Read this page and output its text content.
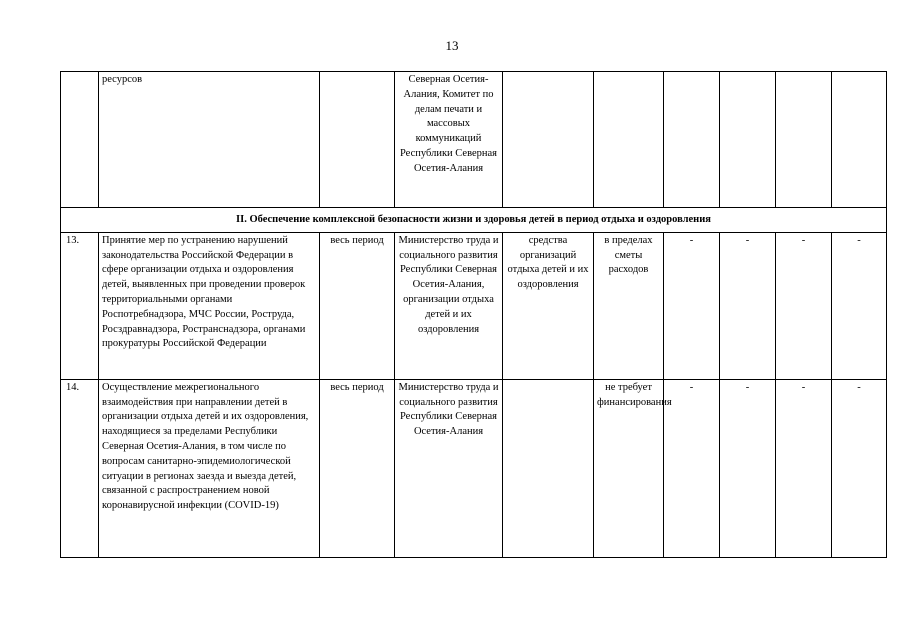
13
	ресурсов		Северная Осетия-Алания, Комитет по делам печати и массовых коммуникаций Республики Северная Осетия-Алания						
II. Обеспечение комплексной безопасности жизни и здоровья детей в период отдыха и оздоровления									
13.	Принятие мер по устранению нарушений законодательства Российской Федерации в сфере организации отдыха и оздоровления детей, выявленных при проведении проверок территориальными органами Роспотребнадзора, МЧС России, Роструда, Росздравнадзора, Ространснадзора, органами прокуратуры Российской Федерации	весь период	Министерство труда и социального развития Республики Северная Осетия-Алания, организации отдыха детей и их оздоровления	средства организаций отдыха детей и их оздоровления	в пределах сметы расходов	-	-	-	-
14.	Осуществление межрегионального взаимодействия при направлении детей в организации отдыха детей и их оздоровления, находящиеся за пределами Республики Северная Осетия-Алания, в том числе по вопросам санитарно-эпидемиологической ситуации в регионах заезда и выезда детей, связанной с распространением новой коронавирусной инфекции (COVID-19)	весь период	Министерство труда и социального развития Республики Северная Осетия-Алания		не требует финансирования	-	-	-	-
